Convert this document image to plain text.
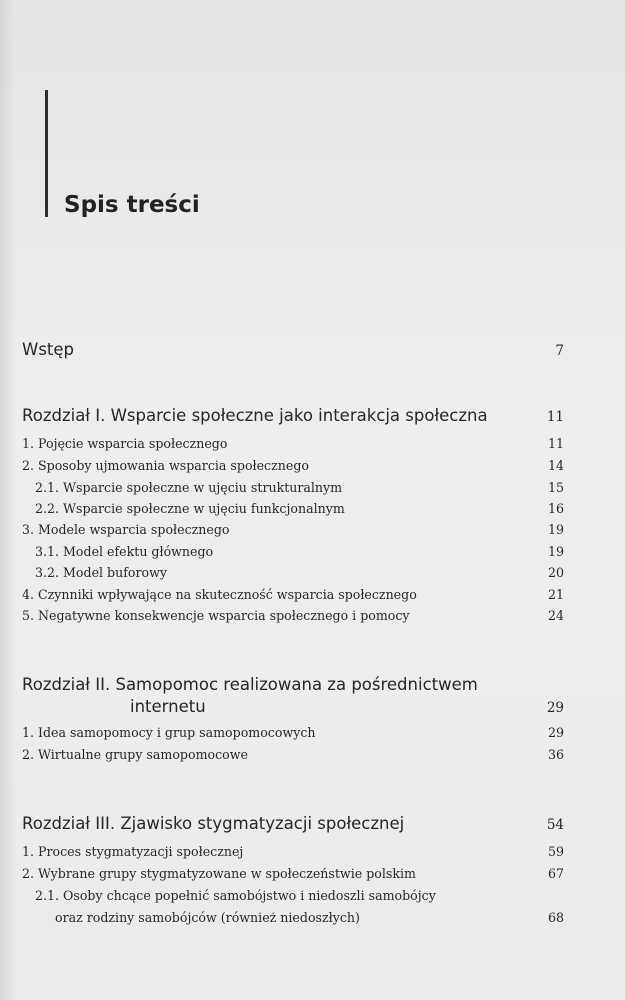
Spis treści
Wstęp	7
Rozdział I. Wsparcie społeczne jako interakcja społeczna	11
1. Pojęcie wsparcia społecznego	11
2. Sposoby ujmowania wsparcia społecznego	14
2.1. Wsparcie społeczne w ujęciu strukturalnym	15
2.2. Wsparcie społeczne w ujęciu funkcjonalnym	16
3. Modele wsparcia społecznego	19
3.1. Model efektu głównego	19
3.2. Model buforowy	20
4. Czynniki wpływające na skuteczność wsparcia społecznego	21
5. Negatywne konsekwencje wsparcia społecznego i pomocy	24
Rozdział II. Samopomoc realizowana za pośrednictwem
internetu	29
1. Idea samopomocy i grup samopomocowych	29
2. Wirtualne grupy samopomocowe	36
Rozdział III. Zjawisko stygmatyzacji społecznej	54
1. Proces stygmatyzacji społecznej	59
2. Wybrane grupy stygmatyzowane w społeczeństwie polskim	67
2.1. Osoby chcące popełnić samobójstwo i niedoszli samobójcy
oraz rodziny samobójców (również niedoszłych)	68
